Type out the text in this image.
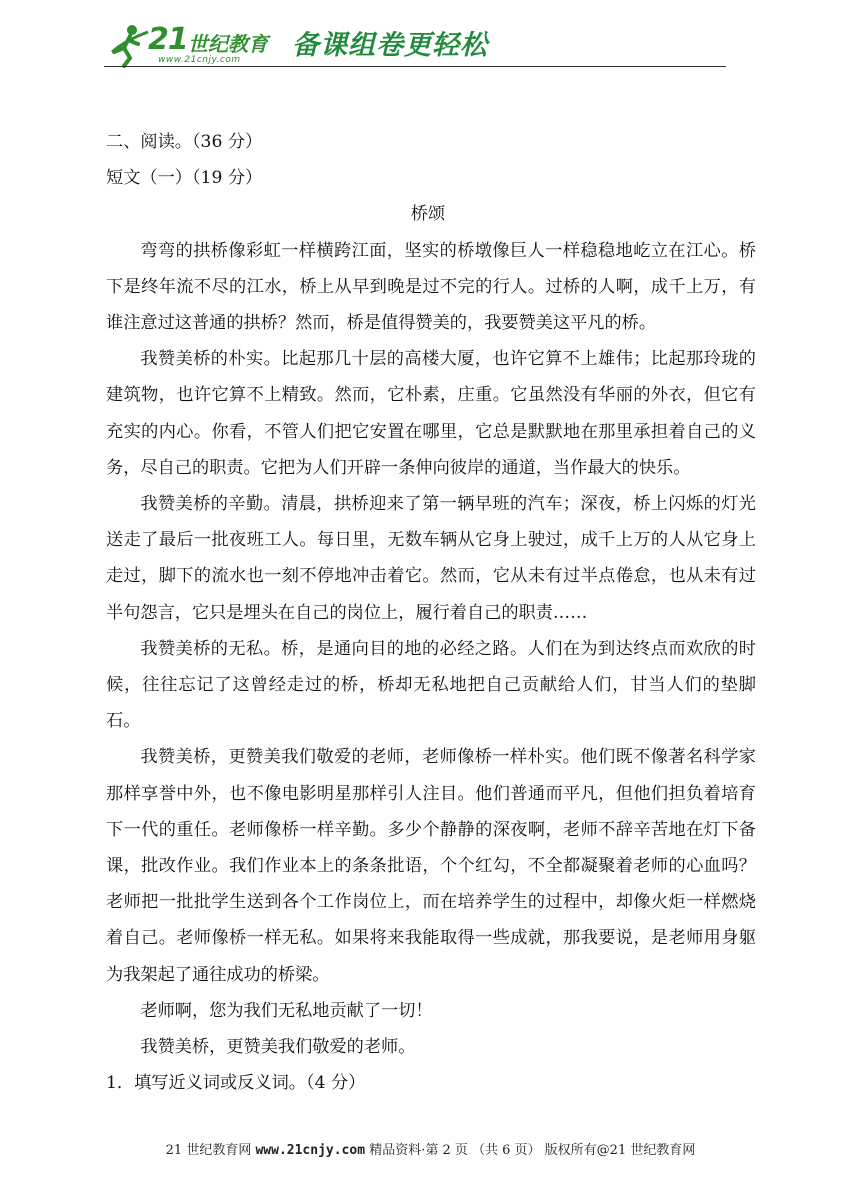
21 世纪教育
www.21cnjy.com 备课组卷更轻松
二、阅读。（36 分）
短文（一）（19 分）
桥颂
弯弯的拱桥像彩虹一样横跨江面，坚实的桥墩像巨人一样稳稳地屹立在江心。桥下是终年流不尽的江水，桥上从早到晚是过不完的行人。过桥的人啊，成千上万，有谁注意过这普通的拱桥？然而，桥是值得赞美的，我要赞美这平凡的桥。
我赞美桥的朴实。比起那几十层的高楼大厦，也许它算不上雄伟；比起那玲珑的建筑物，也许它算不上精致。然而，它朴素，庄重。它虽然没有华丽的外衣，但它有充实的内心。你看，不管人们把它安置在哪里，它总是默默地在那里承担着自己的义务，尽自己的职责。它把为人们开辟一条伸向彼岸的通道，当作最大的快乐。
我赞美桥的辛勤。清晨，拱桥迎来了第一辆早班的汽车；深夜，桥上闪烁的灯光送走了最后一批夜班工人。每日里，无数车辆从它身上驶过，成千上万的人从它身上走过，脚下的流水也一刻不停地冲击着它。然而，它从未有过半点倦怠，也从未有过半句怨言，它只是埋头在自己的岗位上，履行着自己的职责……
我赞美桥的无私。桥，是通向目的地的必经之路。人们在为到达终点而欢欣的时候，往往忘记了这曾经走过的桥，桥却无私地把自己贡献给人们，甘当人们的垫脚石。
我赞美桥，更赞美我们敬爱的老师，老师像桥一样朴实。他们既不像著名科学家那样享誉中外，也不像电影明星那样引人注目。他们普通而平凡，但他们担负着培育下一代的重任。老师像桥一样辛勤。多少个静静的深夜啊，老师不辞辛苦地在灯下备课，批改作业。我们作业本上的条条批语，个个红勾，不全都凝聚着老师的心血吗？老师把一批批学生送到各个工作岗位上，而在培养学生的过程中，却像火炬一样燃烧着自己。老师像桥一样无私。如果将来我能取得一些成就，那我要说，是老师用身躯为我架起了通往成功的桥梁。
老师啊，您为我们无私地贡献了一切！
我赞美桥，更赞美我们敬爱的老师。
1．填写近义词或反义词。（4 分）
21 世纪教育网 www.21cnjy.com 精品资料·第 2 页 （共 6 页） 版权所有@21 世纪教育网
